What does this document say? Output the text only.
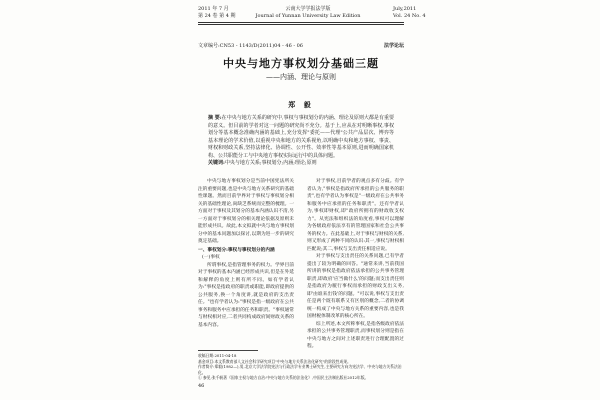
2011 年 7 月
第 24 卷 第 4 期
云南大学学报法学版
Journal of Yunnan University Law Edition
July,2011
Vol. 24 No. 4
文章编号:CN53 - 1143/D(2011)04 - 46 - 06	法学论坛
中央与地方事权划分基础三题
——内涵、理论与原则
郑 毅
摘 要:在中央与地方关系的研究中,事权与事权划分的内涵、理论及原则大都是有重要的意义。但目前的学者对这一问题的研究尚不充分。基于上,应从在对明晰事权,事权划分等基本概念准确内涵的基础上,充分发挥"委托——代理"公共产品层次、博弈等基本理论的学术价值,以重视中央和地方的关系视角,以明确中央和地方事权、事责、财权和财政关系,坚持法律化、协调性、公开性、效率性等基本原则,进而明确国家机构、公共职能分工与中央地方事权实际运行中的具体问题。
关键词:中央与地方关系;事权划分;内涵;理论;原则

中央与地方事权划分是当前中国宪法所关注的重要问题,也是中央与地方关系研究的基础性课题。然而目前学界对于事权与事权划分相关的基础性理论,尚缺乏系统而完整的梳理。一方面对于事权及其划分的基本内涵认识不清,另一方面对于事权划分的相关理论依据及原则未能形成共识。故此,本文拟就中央与地方事权划分中的基本问题加以探讨,以期为进一步的研究奠定基础。

一、事权划分:事权与事权划分的内涵

(一)事权

所谓事权,是指管理事务的权力。学界目前对于事权的基本内涵已经形成共识,但是在外延和解释的角度上则有所不同。如有学者认为:"事权是指政府的职责或职能,即政府提供的公共服务,换一个角度讲,就是政府的支出责任。"也有学者认为:"事权是指一级政府在公共事务和服务中应承担的任务和职责。"事权通常与财权相对应,二者共同构成政府间财政关系的基本内容。

对于事权,目前学者的观点多有分歧。有学者认为,"事权是指政府所承担的公共服务的职责",也有学者认为事权是"一级政府在公共事务和服务中应承担的任务和职责"。还有学者认为,事权即财权,即"政府所拥有的财政收支权力"。从宪法和组织法的角度看,事权可以理解为各级政府依法享有的管理国家和社会公共事务的权力。在此基础上,对于事权与财权的关系,则又形成了两种不同的认识:其一,事权与财权相匹配说;其二,事权与支出责任相适应说。

对于事权与支出责任的关系问题,已有学者提出了较为明确的回答。"通常来讲,当前我国所讲的事权是指政府依法承担的公共事务管理职责,即政府'应当做什么'的问题;而支出责任则是指政府为履行事权而承担的财政支出义务,即'由谁来出钱'的问题。"可以说,事权与支出责任是两个既有联系又有区别的概念,二者的协调统一构成了中央与地方关系的重要内容,也是我国财税体制改革的核心所在。

综上所述,本文所称事权,是指各级政府依法承担的公共事务管理职责,而事权划分则是指在中央与地方之间对上述职责进行合理配置的过程。

收稿日期:2011-04-18

基金项目:本文系教育部人文社会科学研究项目"中央与地方关系法治化研究"的阶段性成果。

作者简介:郑毅(1982—),男,北京大学法学院宪法与行政法学专业博士研究生,主要研究方向为宪法学、中央与地方关系法治化。

① 参见:张千帆著《国家主权与地方自治:中央与地方关系的法治化》,中国民主法制出版社2012年版。

46
